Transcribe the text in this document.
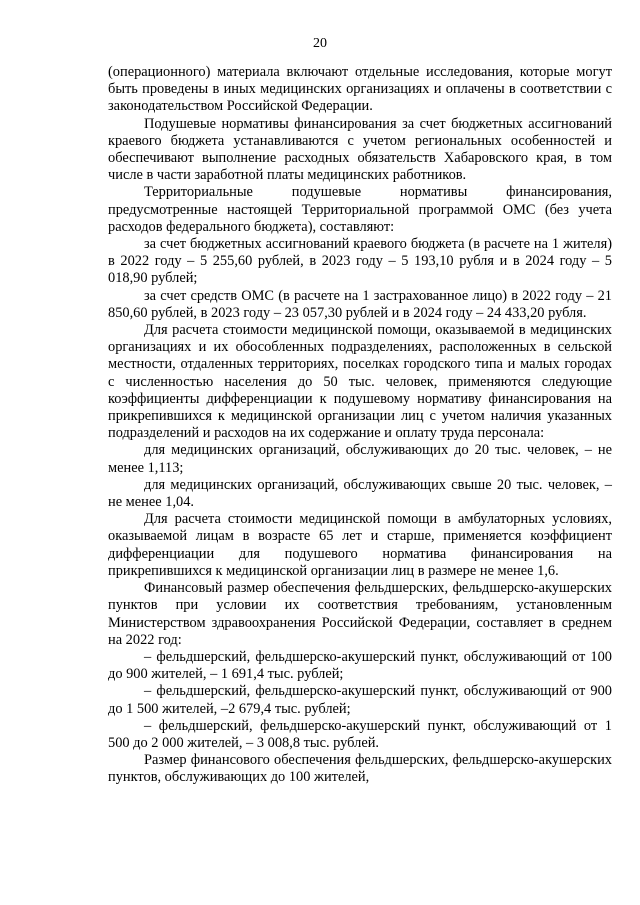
20

(операционного) материала включают отдельные исследования, которые могут быть проведены в иных медицинских организациях и оплачены в соответствии с законодательством Российской Федерации.

Подушевые нормативы финансирования за счет бюджетных ассигнований краевого бюджета устанавливаются с учетом региональных особенностей и обеспечивают выполнение расходных обязательств Хабаровского края, в том числе в части заработной платы медицинских работников.

Территориальные подушевые нормативы финансирования, предусмотренные настоящей Территориальной программой ОМС (без учета расходов федерального бюджета), составляют:

за счет бюджетных ассигнований краевого бюджета (в расчете на 1 жителя) в 2022 году – 5 255,60 рублей, в 2023 году – 5 193,10 рубля и в 2024 году – 5 018,90 рублей;

за счет средств ОМС (в расчете на 1 застрахованное лицо) в 2022 году – 21 850,60 рублей, в 2023 году – 23 057,30 рублей и в 2024 году – 24 433,20 рубля.

Для расчета стоимости медицинской помощи, оказываемой в медицинских организациях и их обособленных подразделениях, расположенных в сельской местности, отдаленных территориях, поселках городского типа и малых городах с численностью населения до 50 тыс. человек, применяются следующие коэффициенты дифференциации к подушевому нормативу финансирования на прикрепившихся к медицинской организации лиц с учетом наличия указанных подразделений и расходов на их содержание и оплату труда персонала:

для медицинских организаций, обслуживающих до 20 тыс. человек, – не менее 1,113;

для медицинских организаций, обслуживающих свыше 20 тыс. человек, – не менее 1,04.

Для расчета стоимости медицинской помощи в амбулаторных условиях, оказываемой лицам в возрасте 65 лет и старше, применяется коэффициент дифференциации для подушевого норматива финансирования на прикрепившихся к медицинской организации лиц в размере не менее 1,6.

Финансовый размер обеспечения фельдшерских, фельдшерско-акушерских пунктов при условии их соответствия требованиям, установленным Министерством здравоохранения Российской Федерации, составляет в среднем на 2022 год:

– фельдшерский, фельдшерско-акушерский пункт, обслуживающий от 100 до 900 жителей, – 1 691,4 тыс. рублей;

– фельдшерский, фельдшерско-акушерский пункт, обслуживающий от 900 до 1 500 жителей, –2 679,4 тыс. рублей;

– фельдшерский, фельдшерско-акушерский пункт, обслуживающий от 1 500 до 2 000 жителей, – 3 008,8 тыс. рублей.

Размер финансового обеспечения фельдшерских, фельдшерско-акушерских пунктов, обслуживающих до 100 жителей,
